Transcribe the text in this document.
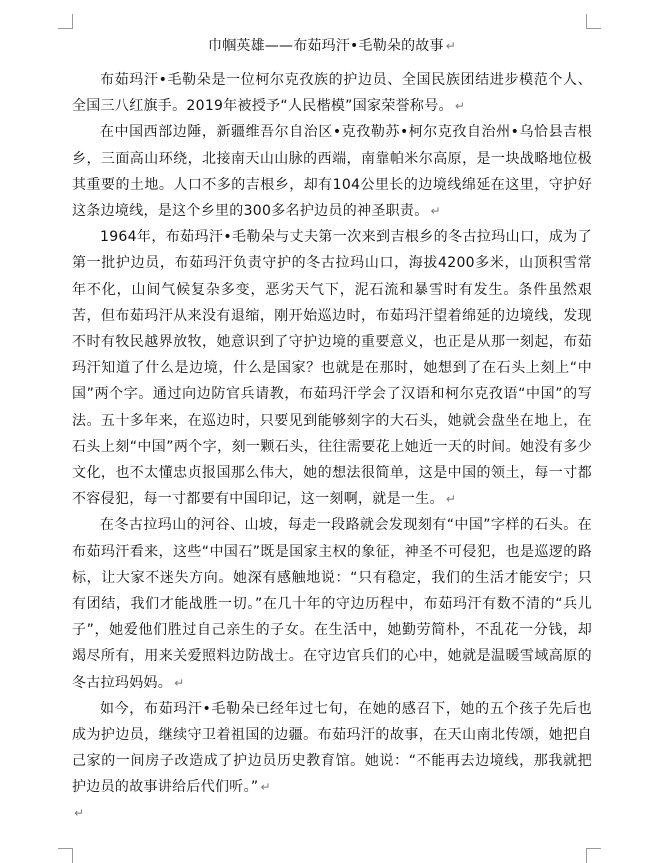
巾帼英雄——布茹玛汗•毛勒朵的故事 ↵

布茹玛汗•毛勒朵是一位柯尔克孜族的护边员、全国民族团结进步模范个人、全国三八红旗手。2019年被授予“人民楷模”国家荣誉称号。 ↵

在中国西部边陲，新疆维吾尔自治区•克孜勒苏•柯尔克孜自治州•乌恰县吉根乡，三面高山环绕，北接南天山山脉的西端，南靠帕米尔高原，是一块战略地位极其重要的土地。人口不多的吉根乡，却有104公里长的边境线绵延在这里，守护好这条边境线，是这个乡里的300多名护边员的神圣职责。 ↵

1964年，布茹玛汗•毛勒朵与丈夫第一次来到吉根乡的冬古拉玛山口，成为了第一批护边员，布茹玛汗负责守护的冬古拉玛山口，海拔4200多米，山顶积雪常年不化，山间气候复杂多变，恶劣天气下，泥石流和暴雪时有发生。条件虽然艰苦，但布茹玛汗从来没有退缩，刚开始巡边时，布茹玛汗望着绵延的边境线，发现不时有牧民越界放牧，她意识到了守护边境的重要意义，也正是从那一刻起，布茹玛汗知道了什么是边境，什么是国家？也就是在那时，她想到了在石头上刻上“中国”两个字。通过向边防官兵请教，布茹玛汗学会了汉语和柯尔克孜语“中国”的写法。五十多年来，在巡边时，只要见到能够刻字的大石头，她就会盘坐在地上，在石头上刻“中国”两个字，刻一颗石头，往往需要花上她近一天的时间。她没有多少文化，也不太懂忠贞报国那么伟大，她的想法很简单，这是中国的领土，每一寸都不容侵犯，每一寸都要有中国印记，这一刻啊，就是一生。 ↵

在冬古拉玛山的河谷、山坡，每走一段路就会发现刻有“中国”字样的石头。在布茹玛汗看来，这些“中国石”既是国家主权的象征，神圣不可侵犯，也是巡逻的路标，让大家不迷失方向。她深有感触地说：“只有稳定，我们的生活才能安宁；只有团结，我们才能战胜一切。”在几十年的守边历程中，布茹玛汗有数不清的“兵儿子”，她爱他们胜过自己亲生的子女。在生活中，她勤劳简朴，不乱花一分钱，却竭尽所有，用来关爱照料边防战士。在守边官兵们的心中，她就是温暖雪域高原的冬古拉玛妈妈。 ↵

如今，布茹玛汗•毛勒朵已经年过七旬，在她的感召下，她的五个孩子先后也成为护边员，继续守卫着祖国的边疆。布茹玛汗的故事，在天山南北传颂，她把自己家的一间房子改造成了护边员历史教育馆。她说：“不能再去边境线，那我就把护边员的故事讲给后代们听。” ↵

↵
